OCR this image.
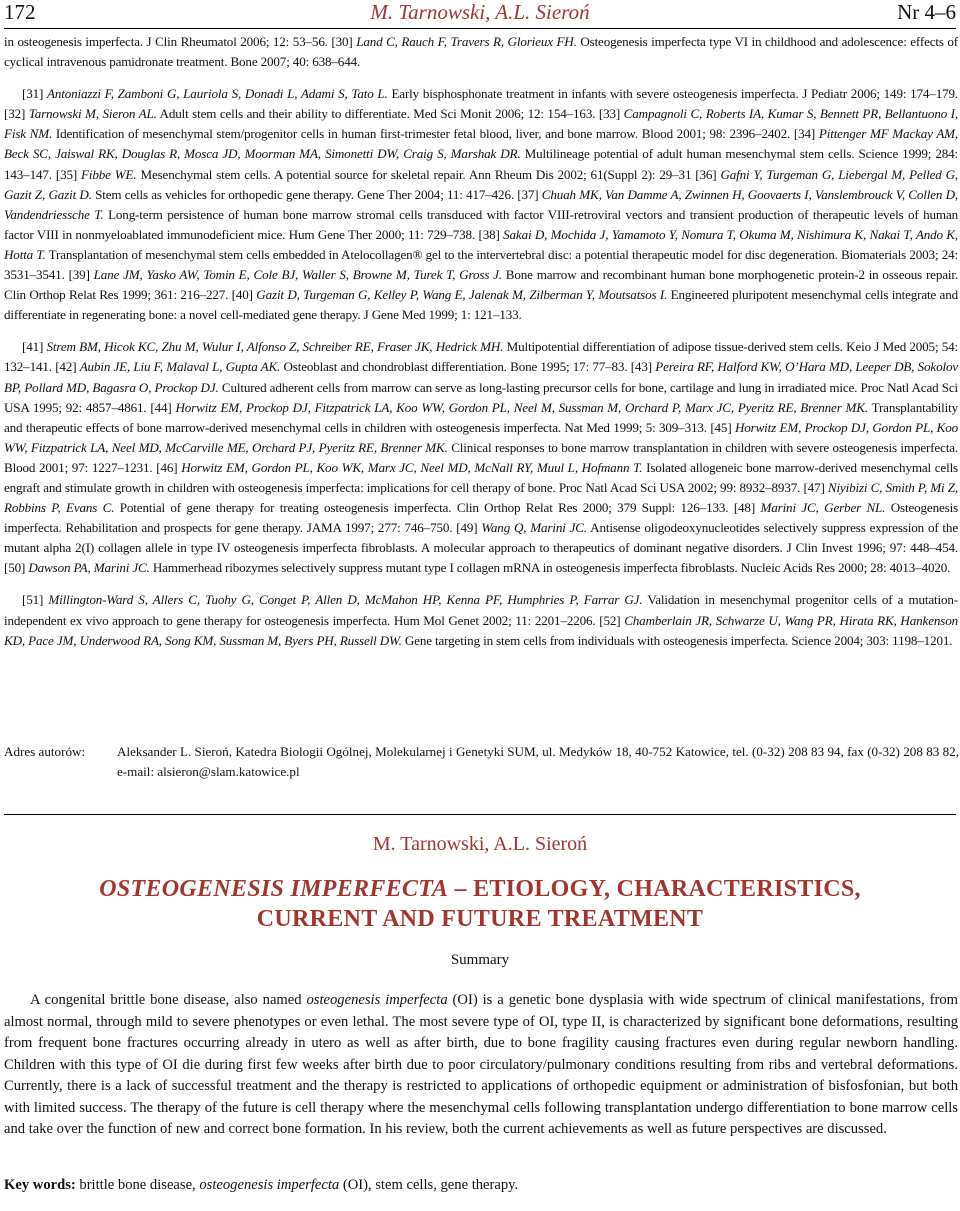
172	M. Tarnowski, A.L. Sieroń	Nr 4–6

in osteogenesis imperfecta. J Clin Rheumatol 2006; 12: 53–56. [30] Land C, Rauch F, Travers R, Glorieux FH. Osteogenesis imperfecta type VI in childhood and adolescence: effects of cyclical intravenous pamidronate treatment. Bone 2007; 40: 638–644.

[31] Antoniazzi F, Zamboni G, Lauriola S, Donadi L, Adami S, Tato L. Early bisphosphonate treatment in infants with severe osteogenesis imperfecta. J Pediatr 2006; 149: 174–179. [32] Tarnowski M, Sieron AL. Adult stem cells and their ability to differentiate. Med Sci Monit 2006; 12: 154–163. [33] Campagnoli C, Roberts IA, Kumar S, Bennett PR, Bellantuono I, Fisk NM. Identification of mesenchymal stem/progenitor cells in human first-trimester fetal blood, liver, and bone marrow. Blood 2001; 98: 2396–2402. [34] Pittenger MF Mackay AM, Beck SC, Jaiswal RK, Douglas R, Mosca JD, Moorman MA, Simonetti DW, Craig S, Marshak DR. Multilineage potential of adult human mesenchymal stem cells. Science 1999; 284: 143–147. [35] Fibbe WE. Mesenchymal stem cells. A potential source for skeletal repair. Ann Rheum Dis 2002; 61(Suppl 2): 29–31 [36] Gafni Y, Turgeman G, Liebergal M, Pelled G, Gazit Z, Gazit D. Stem cells as vehicles for orthopedic gene therapy. Gene Ther 2004; 11: 417–426. [37] Chuah MK, Van Damme A, Zwinnen H, Goovaerts I, Vanslembrouck V, Collen D, Vandendriessche T. Long-term persistence of human bone marrow stromal cells transduced with factor VIII-retroviral vectors and transient production of therapeutic levels of human factor VIII in nonmyeloablated immunodeficient mice. Hum Gene Ther 2000; 11: 729–738. [38] Sakai D, Mochida J, Yamamoto Y, Nomura T, Okuma M, Nishimura K, Nakai T, Ando K, Hotta T. Transplantation of mesenchymal stem cells embedded in Atelocollagen® gel to the intervertebral disc: a potential therapeutic model for disc degeneration. Biomaterials 2003; 24: 3531–3541. [39] Lane JM, Yasko AW, Tomin E, Cole BJ, Waller S, Browne M, Turek T, Gross J. Bone marrow and recombinant human bone morphogenetic protein-2 in osseous repair. Clin Orthop Relat Res 1999; 361: 216–227. [40] Gazit D, Turgeman G, Kelley P, Wang E, Jalenak M, Zilberman Y, Moutsatsos I. Engineered pluripotent mesenchymal cells integrate and differentiate in regenerating bone: a novel cell-mediated gene therapy. J Gene Med 1999; 1: 121–133.

[41] Strem BM, Hicok KC, Zhu M, Wulur I, Alfonso Z, Schreiber RE, Fraser JK, Hedrick MH. Multipotential differentiation of adipose tissue-derived stem cells. Keio J Med 2005; 54: 132–141. [42] Aubin JE, Liu F, Malaval L, Gupta AK. Osteoblast and chondroblast differentiation. Bone 1995; 17: 77–83. [43] Pereira RF, Halford KW, O’Hara MD, Leeper DB, Sokolov BP, Pollard MD, Bagasra O, Prockop DJ. Cultured adherent cells from marrow can serve as long-lasting precursor cells for bone, cartilage and lung in irradiated mice. Proc Natl Acad Sci USA 1995; 92: 4857–4861. [44] Horwitz EM, Prockop DJ, Fitzpatrick LA, Koo WW, Gordon PL, Neel M, Sussman M, Orchard P, Marx JC, Pyeritz RE, Brenner MK. Transplantability and therapeutic effects of bone marrow-derived mesenchymal cells in children with osteogenesis imperfecta. Nat Med 1999; 5: 309–313. [45] Horwitz EM, Prockop DJ, Gordon PL, Koo WW, Fitzpatrick LA, Neel MD, McCarville ME, Orchard PJ, Pyeritz RE, Brenner MK. Clinical responses to bone marrow transplantation in children with severe osteogenesis imperfecta. Blood 2001; 97: 1227–1231. [46] Horwitz EM, Gordon PL, Koo WK, Marx JC, Neel MD, McNall RY, Muul L, Hofmann T. Isolated allogeneic bone marrow-derived mesenchymal cells engraft and stimulate growth in children with osteogenesis imperfecta: implications for cell therapy of bone. Proc Natl Acad Sci USA 2002; 99: 8932–8937. [47] Niyibizi C, Smith P, Mi Z, Robbins P, Evans C. Potential of gene therapy for treating osteogenesis imperfecta. Clin Orthop Relat Res 2000; 379 Suppl: 126–133. [48] Marini JC, Gerber NL. Osteogenesis imperfecta. Rehabilitation and prospects for gene therapy. JAMA 1997; 277: 746–750. [49] Wang Q, Marini JC. Antisense oligodeoxynucleotides selectively suppress expression of the mutant alpha 2(I) collagen allele in type IV osteogenesis imperfecta fibroblasts. A molecular approach to therapeutics of dominant negative disorders. J Clin Invest 1996; 97: 448–454. [50] Dawson PA, Marini JC. Hammerhead ribozymes selectively suppress mutant type I collagen mRNA in osteogenesis imperfecta fibroblasts. Nucleic Acids Res 2000; 28: 4013–4020.

[51] Millington-Ward S, Allers C, Tuohy G, Conget P, Allen D, McMahon HP, Kenna PF, Humphries P, Farrar GJ. Validation in mesenchymal progenitor cells of a mutation-independent ex vivo approach to gene therapy for osteogenesis imperfecta. Hum Mol Genet 2002; 11: 2201–2206. [52] Chamberlain JR, Schwarze U, Wang PR, Hirata RK, Hankenson KD, Pace JM, Underwood RA, Song KM, Sussman M, Byers PH, Russell DW. Gene targeting in stem cells from individuals with osteogenesis imperfecta. Science 2004; 303: 1198–1201.

Adres autorów:	Aleksander L. Sieroń, Katedra Biologii Ogólnej, Molekularnej i Genetyki SUM, ul. Medyków 18, 40-752 Katowice, tel. (0-32) 208 83 94, fax (0-32) 208 83 82, e-mail: alsieron@slam.katowice.pl
M. Tarnowski, A.L. Sieroń
OSTEOGENESIS IMPERFECTA – ETIOLOGY, CHARACTERISTICS, CURRENT AND FUTURE TREATMENT
Summary
A congenital brittle bone disease, also named osteogenesis imperfecta (OI) is a genetic bone dysplasia with wide spectrum of clinical manifestations, from almost normal, through mild to severe phenotypes or even lethal. The most severe type of OI, type II, is characterized by significant bone deformations, resulting from frequent bone fractures occurring already in utero as well as after birth, due to bone fragility causing fractures even during regular newborn handling. Children with this type of OI die during first few weeks after birth due to poor circulatory/pulmonary conditions resulting from ribs and vertebral deformations. Currently, there is a lack of successful treatment and the therapy is restricted to applications of orthopedic equipment or administration of bisfosfonian, but both with limited success. The therapy of the future is cell therapy where the mesenchymal cells following transplantation undergo differentiation to bone marrow cells and take over the function of new and correct bone formation. In his review, both the current achievements as well as future perspectives are discussed.
Key words: brittle bone disease, osteogenesis imperfecta (OI), stem cells, gene therapy.
